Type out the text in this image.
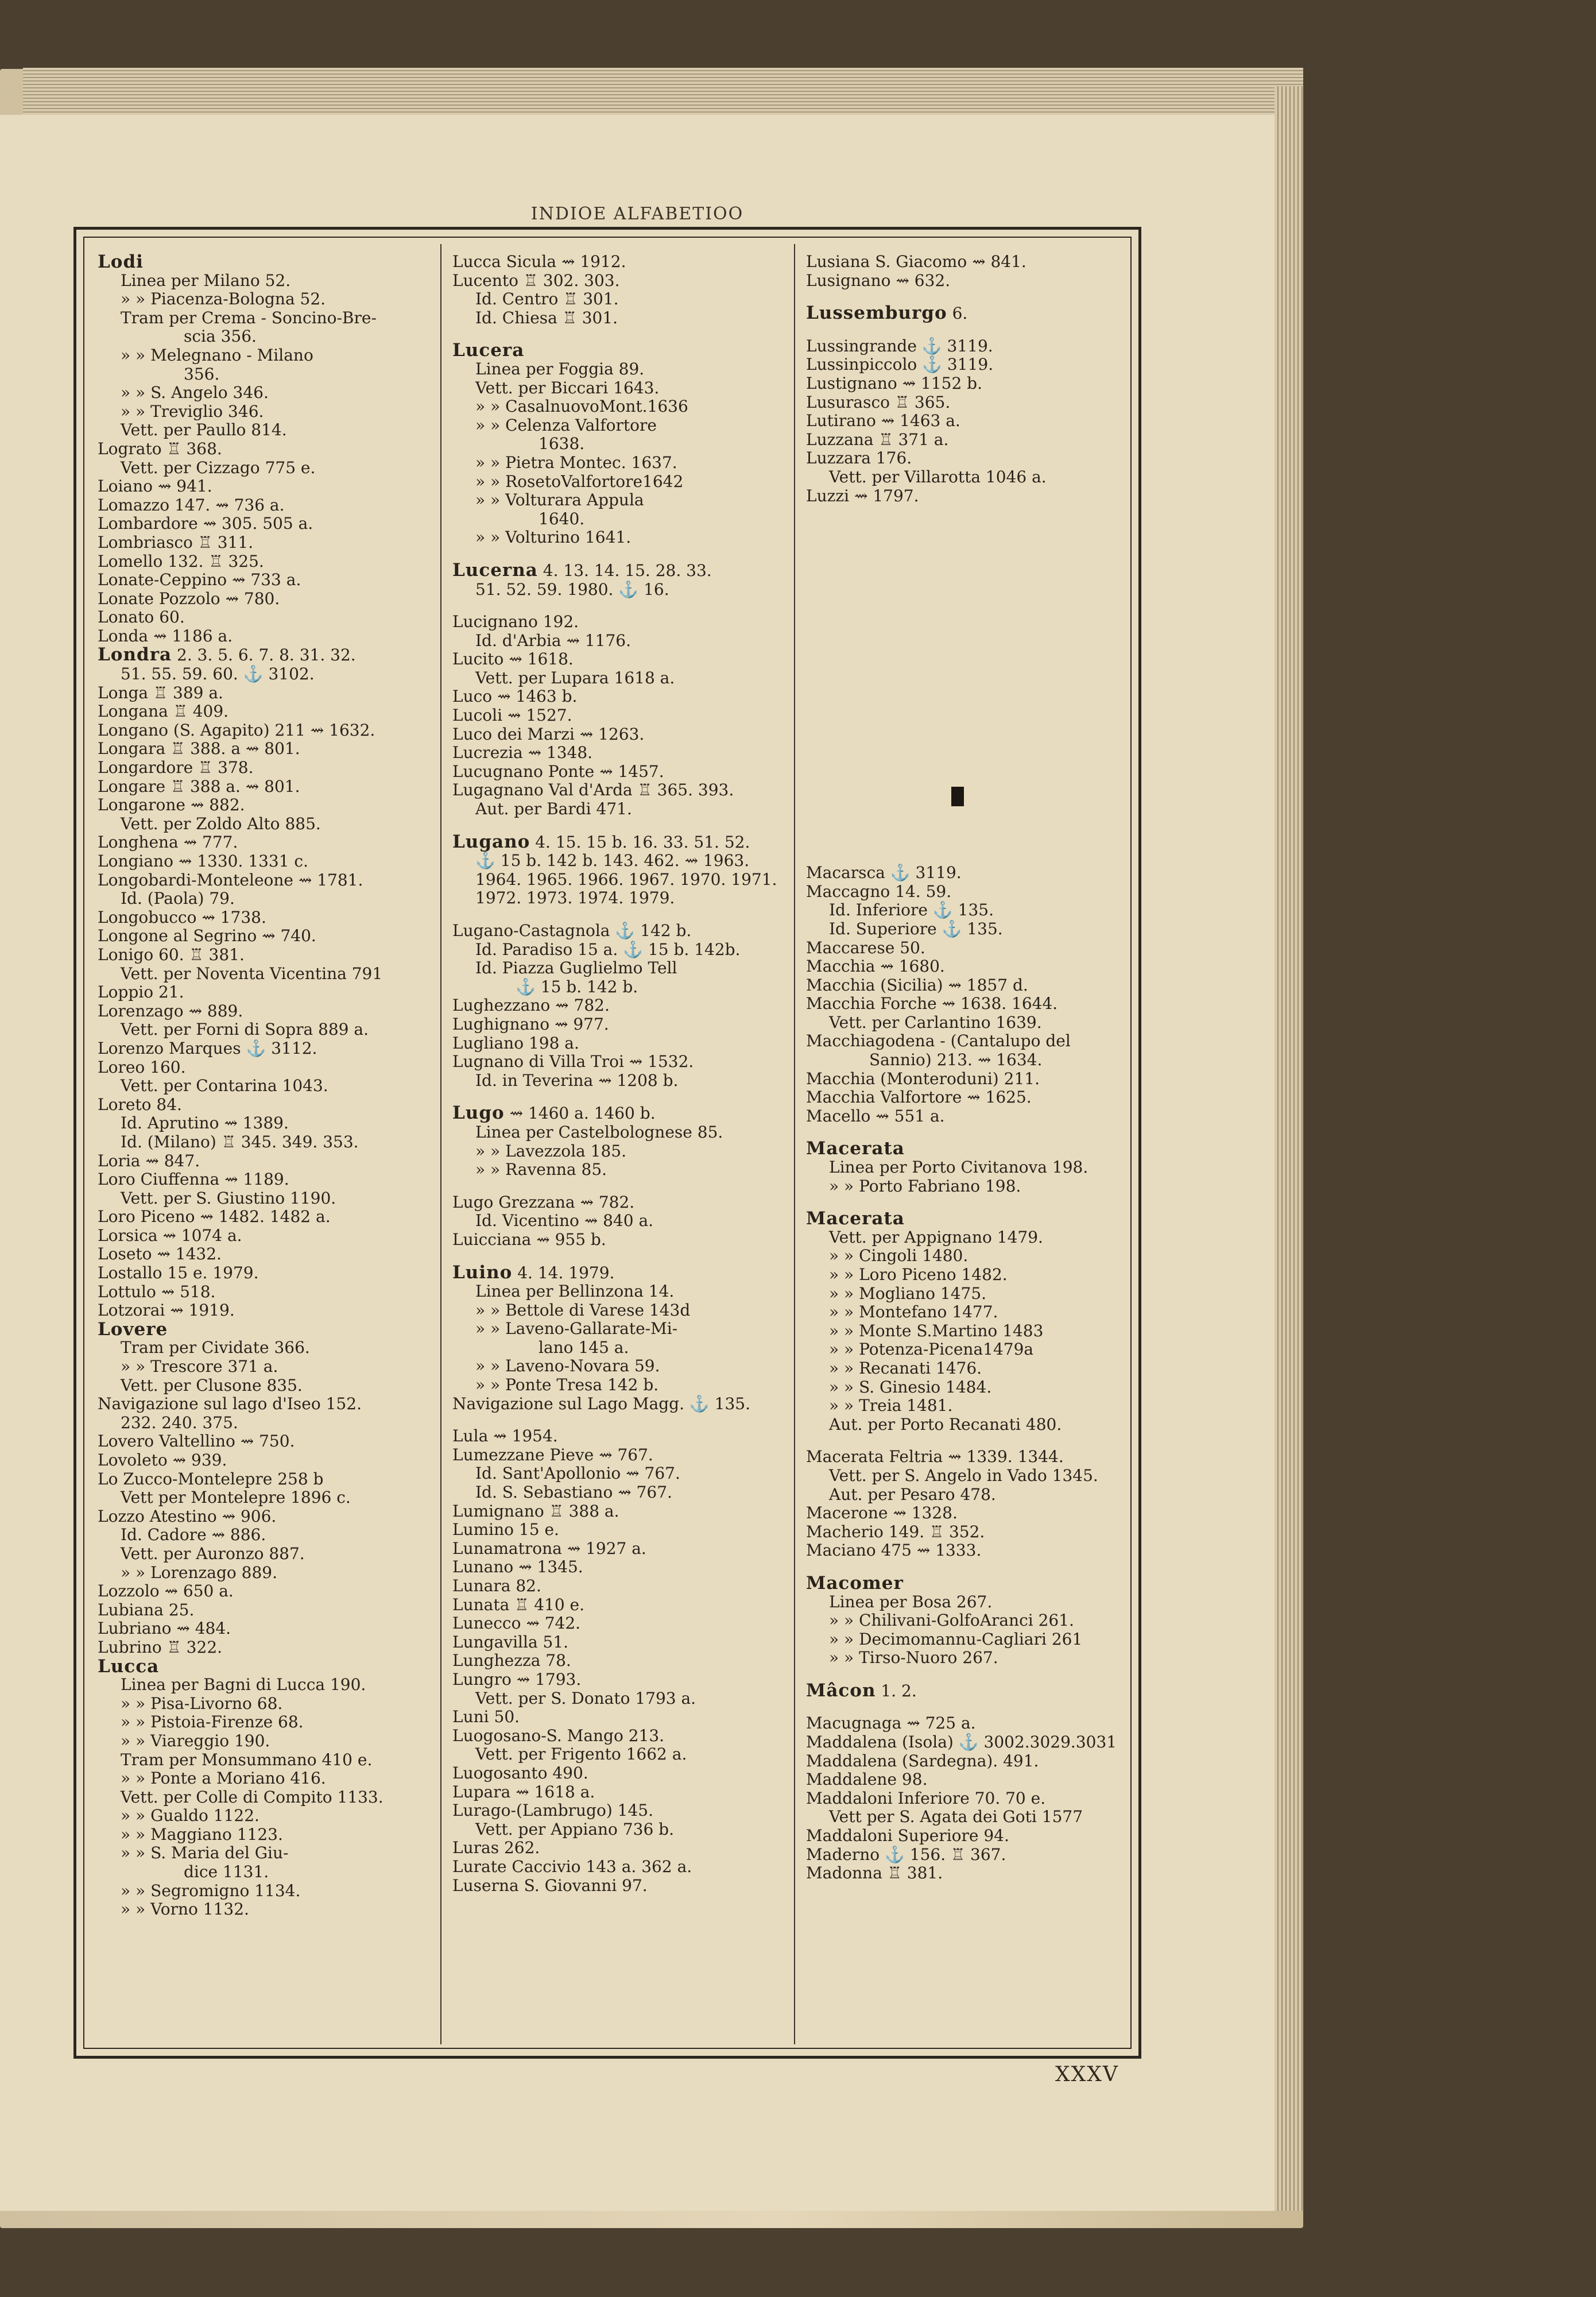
INDIOE ALFABETIOO
Lodi
Linea per Milano 52.
» » Piacenza-Bologna 52.
Tram per Crema - Soncino-Bre-
scia 356.
» » Melegnano - Milano
356.
» » S. Angelo 346.
» » Treviglio 346.
Vett. per Paullo 814.
Lograto ♖ 368.
Vett. per Cizzago 775 e.
Loiano ⇝ 941.
Lomazzo 147. ⇝ 736 a.
Lombardore ⇝ 305. 505 a.
Lombriasco ♖ 311.
Lomello 132. ♖ 325.
Lonate-Ceppino ⇝ 733 a.
Lonate Pozzolo ⇝ 780.
Lonato 60.
Londa ⇝ 1186 a.
Londra 2. 3. 5. 6. 7. 8. 31. 32.
51. 55. 59. 60. ⚓ 3102.
Longa ♖ 389 a.
Longana ♖ 409.
Longano (S. Agapito) 211 ⇝ 1632.
Longara ♖ 388. a ⇝ 801.
Longardore ♖ 378.
Longare ♖ 388 a. ⇝ 801.
Longarone ⇝ 882.
Vett. per Zoldo Alto 885.
Longhena ⇝ 777.
Longiano ⇝ 1330. 1331 c.
Longobardi-Monteleone ⇝ 1781.
Id. (Paola) 79.
Longobucco ⇝ 1738.
Longone al Segrino ⇝ 740.
Lonigo 60. ♖ 381.
Vett. per Noventa Vicentina 791
Loppio 21.
Lorenzago ⇝ 889.
Vett. per Forni di Sopra 889 a.
Lorenzo Marques ⚓ 3112.
Loreo 160.
Vett. per Contarina 1043.
Loreto 84.
Id. Aprutino ⇝ 1389.
Id. (Milano) ♖ 345. 349. 353.
Loria ⇝ 847.
Loro Ciuffenna ⇝ 1189.
Vett. per S. Giustino 1190.
Loro Piceno ⇝ 1482. 1482 a.
Lorsica ⇝ 1074 a.
Loseto ⇝ 1432.
Lostallo 15 e. 1979.
Lottulo ⇝ 518.
Lotzorai ⇝ 1919.
Lovere
Tram per Cividate 366.
» » Trescore 371 a.
Vett. per Clusone 835.
Navigazione sul lago d'Iseo 152.
232. 240. 375.
Lovero Valtellino ⇝ 750.
Lovoleto ⇝ 939.
Lo Zucco-Montelepre 258 b
Vett per Montelepre 1896 c.
Lozzo Atestino ⇝ 906.
Id. Cadore ⇝ 886.
Vett. per Auronzo 887.
» » Lorenzago 889.
Lozzolo ⇝ 650 a.
Lubiana 25.
Lubriano ⇝ 484.
Lubrino ♖ 322.
Lucca
Linea per Bagni di Lucca 190.
» » Pisa-Livorno 68.
» » Pistoia-Firenze 68.
» » Viareggio 190.
Tram per Monsummano 410 e.
» » Ponte a Moriano 416.
Vett. per Colle di Compito 1133.
» » Gualdo 1122.
» » Maggiano 1123.
» » S. Maria del Giu-
dice 1131.
» » Segromigno 1134.
» » Vorno 1132.
Lucca Sicula ⇝ 1912.
Lucento ♖ 302. 303.
Id. Centro ♖ 301.
Id. Chiesa ♖ 301.
Lucera
Linea per Foggia 89.
Vett. per Biccari 1643.
» » CasalnuovoMont.1636
» » Celenza Valfortore
1638.
» » Pietra Montec. 1637.
» » RosetoValfortore1642
» » Volturara Appula
1640.
» » Volturino 1641.
Lucerna 4. 13. 14. 15. 28. 33.
51. 52. 59. 1980. ⚓ 16.
Lucignano 192.
Id. d'Arbia ⇝ 1176.
Lucito ⇝ 1618.
Vett. per Lupara 1618 a.
Luco ⇝ 1463 b.
Lucoli ⇝ 1527.
Luco dei Marzi ⇝ 1263.
Lucrezia ⇝ 1348.
Lucugnano Ponte ⇝ 1457.
Lugagnano Val d'Arda ♖ 365. 393.
Aut. per Bardi 471.
Lugano 4. 15. 15 b. 16. 33. 51. 52.
⚓ 15 b. 142 b. 143. 462. ⇝ 1963.
1964. 1965. 1966. 1967. 1970. 1971.
1972. 1973. 1974. 1979.
Lugano-Castagnola ⚓ 142 b.
Id. Paradiso 15 a. ⚓ 15 b. 142b.
Id. Piazza Guglielmo Tell
⚓ 15 b. 142 b.
Lughezzano ⇝ 782.
Lughignano ⇝ 977.
Lugliano 198 a.
Lugnano di Villa Troi ⇝ 1532.
Id. in Teverina ⇝ 1208 b.
Lugo ⇝ 1460 a. 1460 b.
Linea per Castelbolognese 85.
» » Lavezzola 185.
» » Ravenna 85.
Lugo Grezzana ⇝ 782.
Id. Vicentino ⇝ 840 a.
Luicciana ⇝ 955 b.
Luino 4. 14. 1979.
Linea per Bellinzona 14.
» » Bettole di Varese 143d
» » Laveno-Gallarate-Mi-
lano 145 a.
» » Laveno-Novara 59.
» » Ponte Tresa 142 b.
Navigazione sul Lago Magg. ⚓ 135.
Lula ⇝ 1954.
Lumezzane Pieve ⇝ 767.
Id. Sant'Apollonio ⇝ 767.
Id. S. Sebastiano ⇝ 767.
Lumignano ♖ 388 a.
Lumino 15 e.
Lunamatrona ⇝ 1927 a.
Lunano ⇝ 1345.
Lunara 82.
Lunata ♖ 410 e.
Lunecco ⇝ 742.
Lungavilla 51.
Lunghezza 78.
Lungro ⇝ 1793.
Vett. per S. Donato 1793 a.
Luni 50.
Luogosano-S. Mango 213.
Vett. per Frigento 1662 a.
Luogosanto 490.
Lupara ⇝ 1618 a.
Lurago-(Lambrugo) 145.
Vett. per Appiano 736 b.
Luras 262.
Lurate Caccivio 143 a. 362 a.
Luserna S. Giovanni 97.
Lusiana S. Giacomo ⇝ 841.
Lusignano ⇝ 632.
Lussemburgo 6.
Lussingrande ⚓ 3119.
Lussinpiccolo ⚓ 3119.
Lustignano ⇝ 1152 b.
Lusurasco ♖ 365.
Lutirano ⇝ 1463 a.
Luzzana ♖ 371 a.
Luzzara 176.
Vett. per Villarotta 1046 a.
Luzzi ⇝ 1797.
Macarsca ⚓ 3119.
Maccagno 14. 59.
Id. Inferiore ⚓ 135.
Id. Superiore ⚓ 135.
Maccarese 50.
Macchia ⇝ 1680.
Macchia (Sicilia) ⇝ 1857 d.
Macchia Forche ⇝ 1638. 1644.
Vett. per Carlantino 1639.
Macchiagodena - (Cantalupo del
Sannio) 213. ⇝ 1634.
Macchia (Monteroduni) 211.
Macchia Valfortore ⇝ 1625.
Macello ⇝ 551 a.
Macerata
Linea per Porto Civitanova 198.
» » Porto Fabriano 198.
Macerata
Vett. per Appignano 1479.
» » Cingoli 1480.
» » Loro Piceno 1482.
» » Mogliano 1475.
» » Montefano 1477.
» » Monte S.Martino 1483
» » Potenza-Picena1479a
» » Recanati 1476.
» » S. Ginesio 1484.
» » Treia 1481.
Aut. per Porto Recanati 480.
Macerata Feltria ⇝ 1339. 1344.
Vett. per S. Angelo in Vado 1345.
Aut. per Pesaro 478.
Macerone ⇝ 1328.
Macherio 149. ♖ 352.
Maciano 475 ⇝ 1333.
Macomer
Linea per Bosa 267.
» » Chilivani-GolfoAranci 261.
» » Decimomannu-Cagliari 261
» » Tirso-Nuoro 267.
Mâcon 1. 2.
Macugnaga ⇝ 725 a.
Maddalena (Isola) ⚓ 3002.3029.3031
Maddalena (Sardegna). 491.
Maddalene 98.
Maddaloni Inferiore 70. 70 e.
Vett per S. Agata dei Goti 1577
Maddaloni Superiore 94.
Maderno ⚓ 156. ♖ 367.
Madonna ♖ 381.
XXXV
